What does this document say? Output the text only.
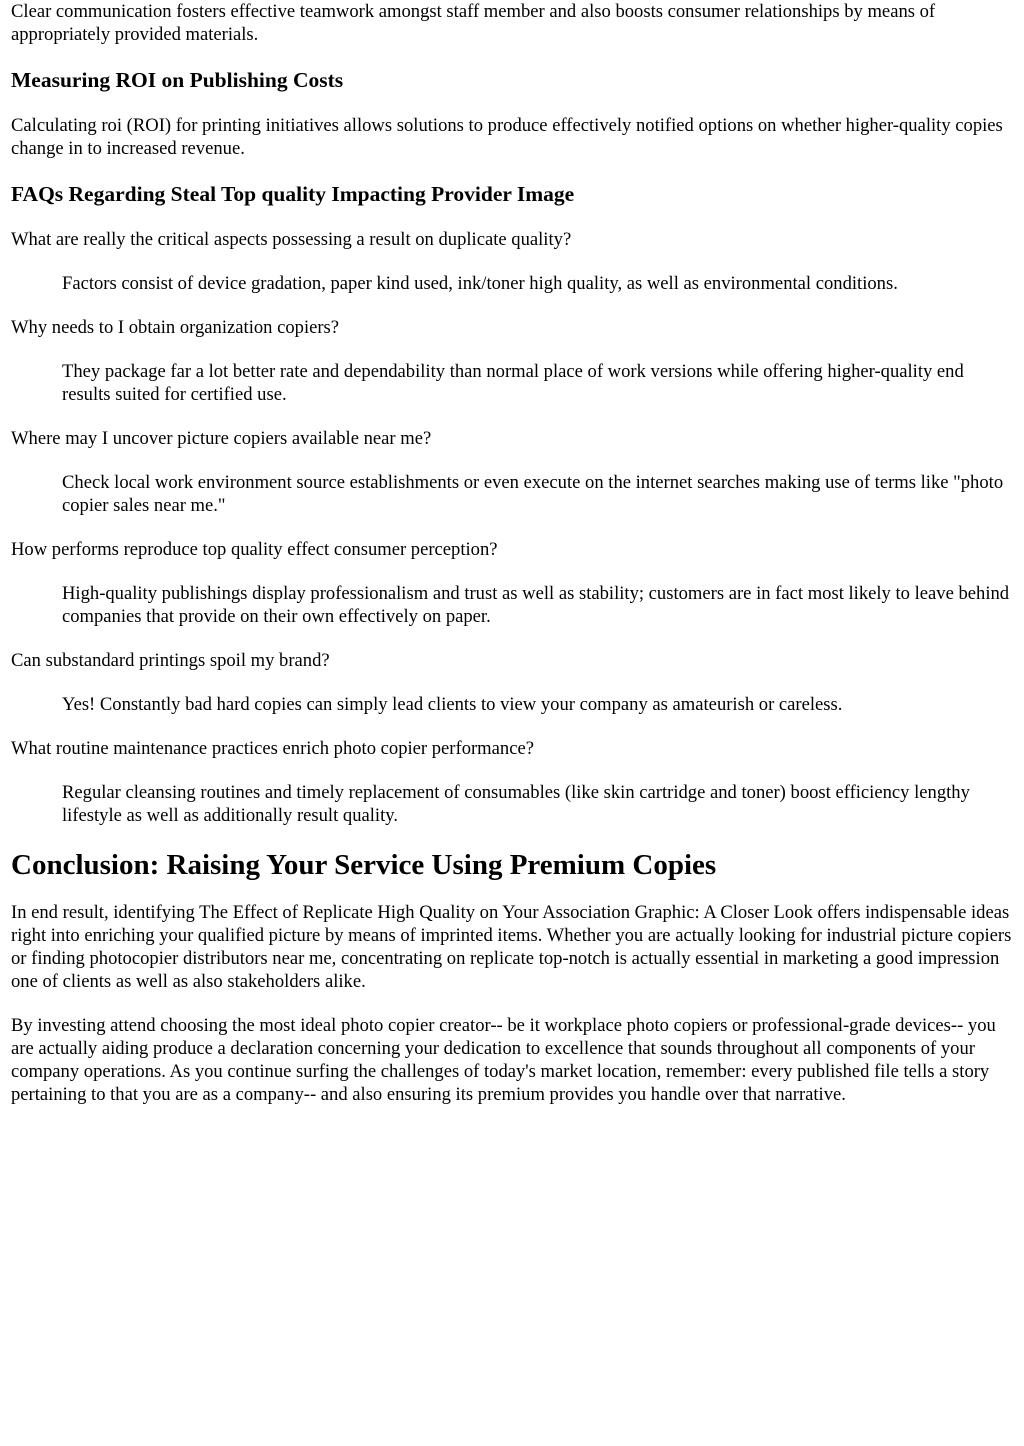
Clear communication fosters effective teamwork amongst staff member and also boosts consumer relationships by means of appropriately provided materials.

Measuring ROI on Publishing Costs

Calculating roi (ROI) for printing initiatives allows solutions to produce effectively notified options on whether higher-quality copies change in to increased revenue.

FAQs Regarding Steal Top quality Impacting Provider Image
What are really the critical aspects possessing a result on duplicate quality?
Factors consist of device gradation, paper kind used, ink/toner high quality, as well as environmental conditions.
Why needs to I obtain organization copiers?
They package far a lot better rate and dependability than normal place of work versions while offering higher-quality end results suited for certified use.
Where may I uncover picture copiers available near me?
Check local work environment source establishments or even execute on the internet searches making use of terms like "photo copier sales near me."
How performs reproduce top quality effect consumer perception?
High-quality publishings display professionalism and trust as well as stability; customers are in fact most likely to leave behind companies that provide on their own effectively on paper.
Can substandard printings spoil my brand?
Yes! Constantly bad hard copies can simply lead clients to view your company as amateurish or careless.
What routine maintenance practices enrich photo copier performance?
Regular cleansing routines and timely replacement of consumables (like skin cartridge and toner) boost efficiency lengthy lifestyle as well as additionally result quality.
Conclusion: Raising Your Service Using Premium Copies

In end result, identifying The Effect of Replicate High Quality on Your Association Graphic: A Closer Look offers indispensable ideas right into enriching your qualified picture by means of imprinted items. Whether you are actually looking for industrial picture copiers or finding photocopier distributors near me, concentrating on replicate top-notch is actually essential in marketing a good impression one of clients as well as also stakeholders alike.

By investing attend choosing the most ideal photo copier creator-- be it workplace photo copiers or professional-grade devices-- you are actually aiding produce a declaration concerning your dedication to excellence that sounds throughout all components of your company operations. As you continue surfing the challenges of today's market location, remember: every published file tells a story pertaining to that you are as a company-- and also ensuring its premium provides you handle over that narrative.
